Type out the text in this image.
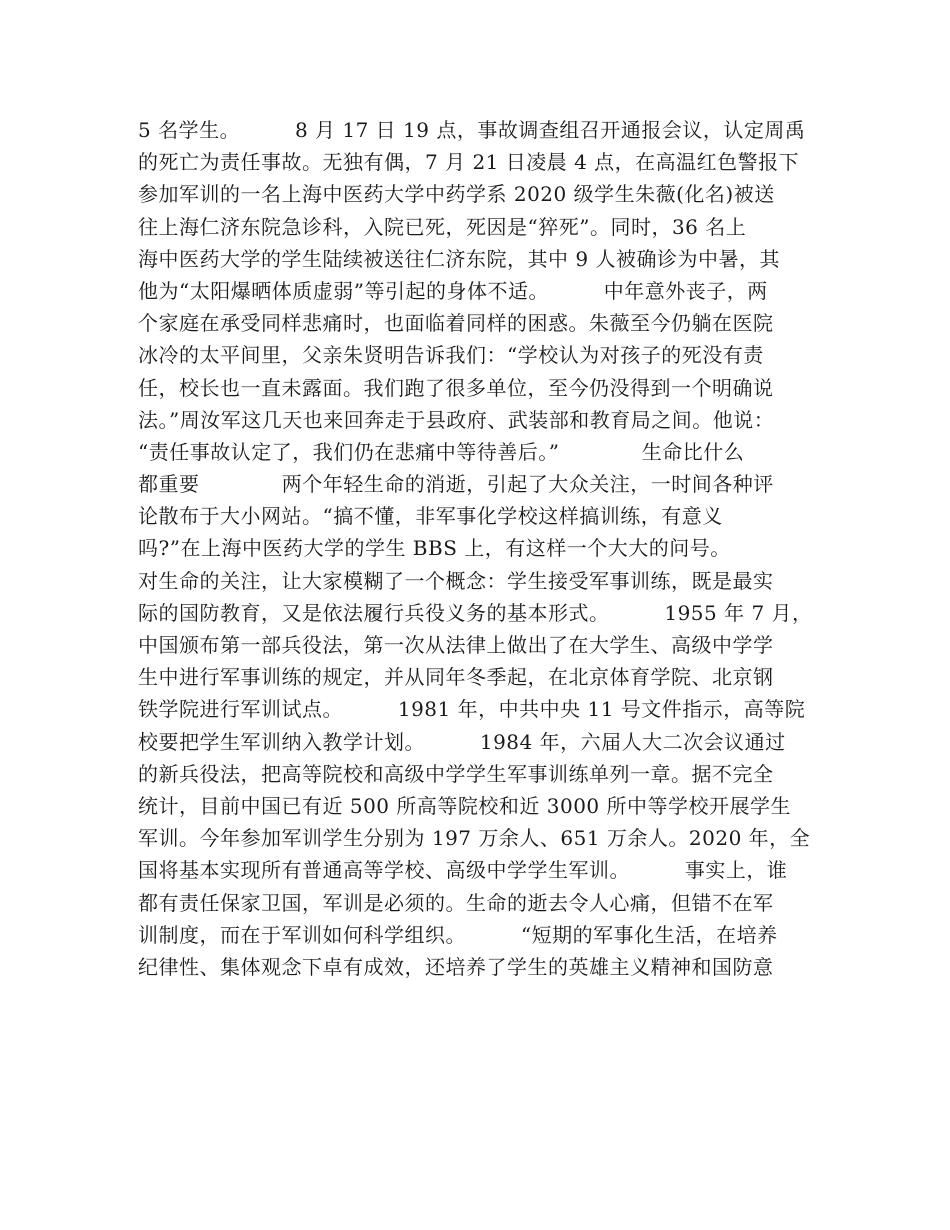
5 名学生。        8 月 17 日 19 点，事故调查组召开通报会议，认定周禹
的死亡为责任事故。无独有偶，7 月 21 日凌晨 4 点，在高温红色警报下
参加军训的一名上海中医药大学中药学系 2020 级学生朱薇(化名)被送
往上海仁济东院急诊科，入院已死，死因是“猝死”。同时，36 名上
海中医药大学的学生陆续被送往仁济东院，其中 9 人被确诊为中暑，其
他为“太阳爆晒体质虚弱”等引起的身体不适。        中年意外丧子，两
个家庭在承受同样悲痛时，也面临着同样的困惑。朱薇至今仍躺在医院
冰冷的太平间里，父亲朱贤明告诉我们：“学校认为对孩子的死没有责
任，校长也一直未露面。我们跑了很多单位，至今仍没得到一个明确说
法。”周汝军这几天也来回奔走于县政府、武装部和教育局之间。他说：
“责任事故认定了，我们仍在悲痛中等待善后。”            生命比什么
都重要            两个年轻生命的消逝，引起了大众关注，一时间各种评
论散布于大小网站。“搞不懂，非军事化学校这样搞训练，有意义
吗?”在上海中医药大学的学生 BBS 上，有这样一个大大的问号。
对生命的关注，让大家模糊了一个概念：学生接受军事训练，既是最实
际的国防教育，又是依法履行兵役义务的基本形式。        1955 年 7 月，
中国颁布第一部兵役法，第一次从法律上做出了在大学生、高级中学学
生中进行军事训练的规定，并从同年冬季起，在北京体育学院、北京钢
铁学院进行军训试点。        1981 年，中共中央 11 号文件指示，高等院
校要把学生军训纳入教学计划。        1984 年，六届人大二次会议通过
的新兵役法，把高等院校和高级中学学生军事训练单列一章。据不完全
统计，目前中国已有近 500 所高等院校和近 3000 所中等学校开展学生
军训。今年参加军训学生分别为 197 万余人、651 万余人。2020 年，全
国将基本实现所有普通高等学校、高级中学学生军训。        事实上，谁
都有责任保家卫国，军训是必须的。生命的逝去令人心痛，但错不在军
训制度，而在于军训如何科学组织。        “短期的军事化生活，在培养
纪律性、集体观念下卓有成效，还培养了学生的英雄主义精神和国防意
